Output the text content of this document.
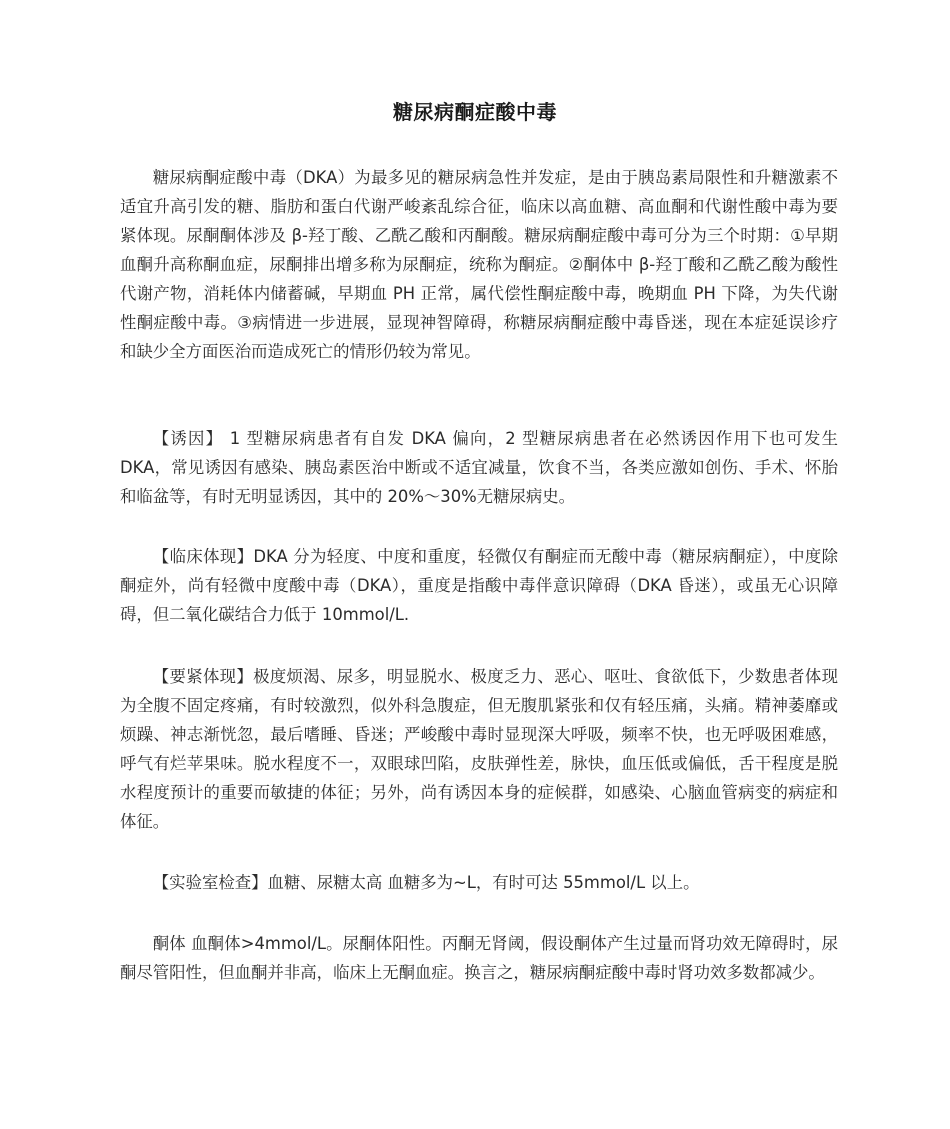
糖尿病酮症酸中毒

糖尿病酮症酸中毒（DKA）为最多见的糖尿病急性并发症，是由于胰岛素局限性和升糖激素不适宜升高引发的糖、脂肪和蛋白代谢严峻紊乱综合征，临床以高血糖、高血酮和代谢性酸中毒为要紧体现。尿酮酮体涉及 β-羟丁酸、乙酰乙酸和丙酮酸。糖尿病酮症酸中毒可分为三个时期：①早期血酮升高称酮血症，尿酮排出增多称为尿酮症，统称为酮症。②酮体中 β-羟丁酸和乙酰乙酸为酸性代谢产物，消耗体内储蓄碱，早期血 PH 正常，属代偿性酮症酸中毒，晚期血 PH 下降，为失代谢性酮症酸中毒。③病情进一步进展，显现神智障碍，称糖尿病酮症酸中毒昏迷，现在本症延误诊疗和缺少全方面医治而造成死亡的情形仍较为常见。

【诱因】 1 型糖尿病患者有自发 DKA 偏向，2 型糖尿病患者在必然诱因作用下也可发生 DKA，常见诱因有感染、胰岛素医治中断或不适宜减量，饮食不当，各类应激如创伤、手术、怀胎和临盆等，有时无明显诱因，其中的 20%～30%无糖尿病史。

【临床体现】DKA 分为轻度、中度和重度，轻微仅有酮症而无酸中毒（糖尿病酮症），中度除酮症外，尚有轻微中度酸中毒（DKA），重度是指酸中毒伴意识障碍（DKA 昏迷），或虽无心识障碍，但二氧化碳结合力低于 10mmol/L.

【要紧体现】极度烦渴、尿多，明显脱水、极度乏力、恶心、呕吐、食欲低下，少数患者体现为全腹不固定疼痛，有时较激烈，似外科急腹症，但无腹肌紧张和仅有轻压痛，头痛。精神萎靡或烦躁、神志渐恍忽，最后嗜睡、昏迷；严峻酸中毒时显现深大呼吸，频率不快，也无呼吸困难感，呼气有烂苹果味。脱水程度不一，双眼球凹陷，皮肤弹性差，脉快，血压低或偏低，舌干程度是脱水程度预计的重要而敏捷的体征；另外，尚有诱因本身的症候群，如感染、心脑血管病变的病症和体征。

【实验室检查】血糖、尿糖太高 血糖多为~L，有时可达 55mmol/L 以上。

酮体 血酮体>4mmol/L。尿酮体阳性。丙酮无肾阈，假设酮体产生过量而肾功效无障碍时，尿酮尽管阳性，但血酮并非高，临床上无酮血症。换言之，糖尿病酮症酸中毒时肾功效多数都减少。
